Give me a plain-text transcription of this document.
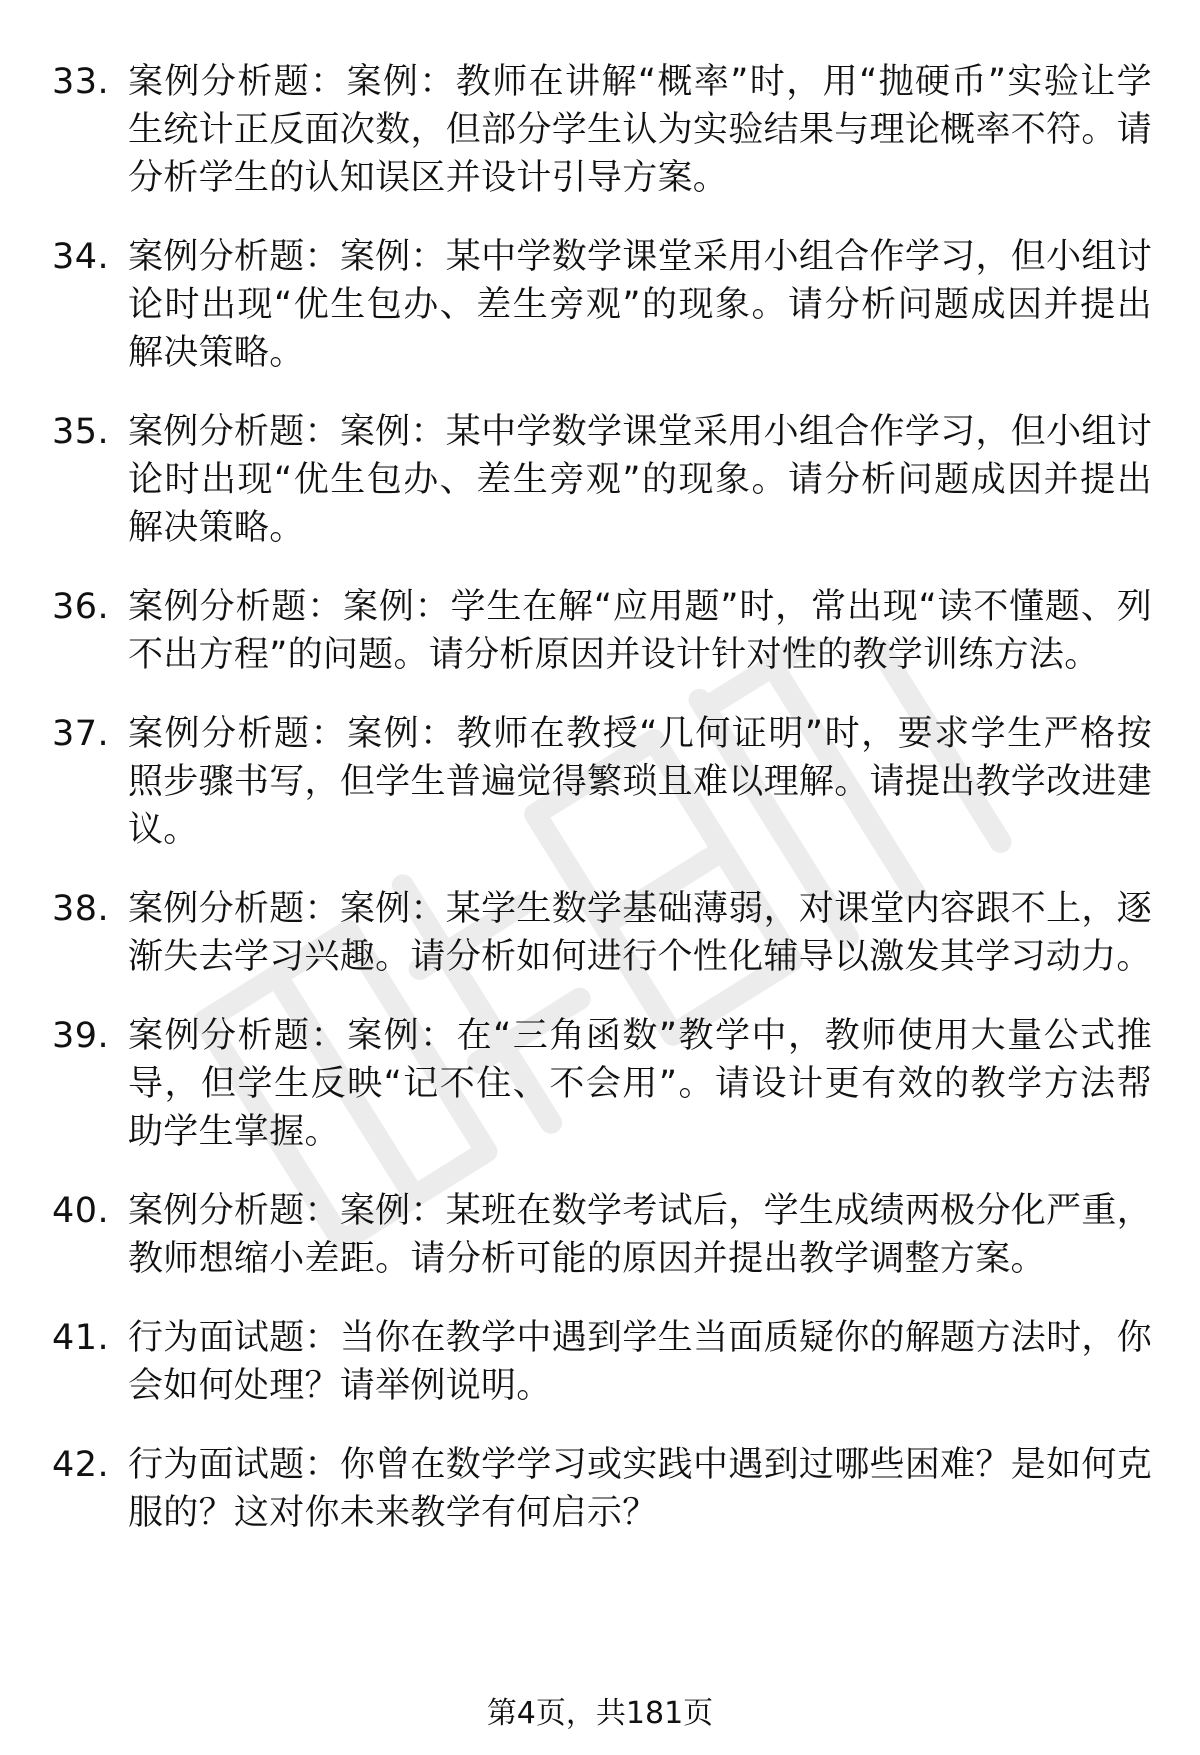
33. 案例分析题：案例：教师在讲解“概率”时，用“抛硬币”实验让学生统计正反面次数，但部分学生认为实验结果与理论概率不符。请分析学生的认知误区并设计引导方案。
34. 案例分析题：案例：某中学数学课堂采用小组合作学习，但小组讨论时出现“优生包办、差生旁观”的现象。请分析问题成因并提出解决策略。
35. 案例分析题：案例：某中学数学课堂采用小组合作学习，但小组讨论时出现“优生包办、差生旁观”的现象。请分析问题成因并提出解决策略。
36. 案例分析题：案例：学生在解“应用题”时，常出现“读不懂题、列不出方程”的问题。请分析原因并设计针对性的教学训练方法。
37. 案例分析题：案例：教师在教授“几何证明”时，要求学生严格按照步骤书写，但学生普遍觉得繁琐且难以理解。请提出教学改进建议。
38. 案例分析题：案例：某学生数学基础薄弱，对课堂内容跟不上，逐渐失去学习兴趣。请分析如何进行个性化辅导以激发其学习动力。
39. 案例分析题：案例：在“三角函数”教学中，教师使用大量公式推导，但学生反映“记不住、不会用”。请设计更有效的教学方法帮助学生掌握。
40. 案例分析题：案例：某班在数学考试后，学生成绩两极分化严重，教师想缩小差距。请分析可能的原因并提出教学调整方案。
41. 行为面试题：当你在教学中遇到学生当面质疑你的解题方法时，你会如何处理？请举例说明。
42. 行为面试题：你曾在数学学习或实践中遇到过哪些困难？是如何克服的？这对你未来教学有何启示？
第4页，共181页
